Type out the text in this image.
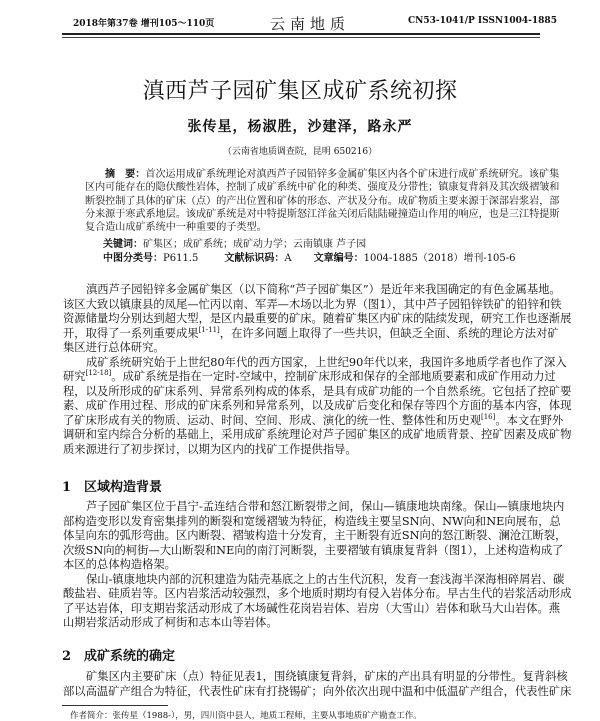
2018年第37卷 增刊105～110页	云南地质	CN53-1041/P ISSN1004-1885
滇西芦子园矿集区成矿系统初探
张传星，杨淑胜，沙建泽，路永严
（云南省地质调查院，昆明 650216）
摘　要：首次运用成矿系统理论对滇西芦子园铅锌多金属矿集区内各个矿床进行成矿系统研究。该矿集
区内可能存在的隐伏酸性岩体，控制了成矿系统中矿化的种类、强度及分带性；镇康复背斜及其次级褶皱和
断裂控制了具体的矿床（点）的产出位置和矿体的形态、产状及分布。成矿物质主要来源于深部岩浆岩，部
分来源于寒武系地层。该成矿系统是对中特提斯怒江洋盆关闭后陆陆碰撞造山作用的响应，也是三江特提斯
复合造山成矿系统中一种重要的子类型。
关键词：矿集区；成矿系统；成矿动力学；云南镇康 芦子园
中图分类号：P611.5	文献标识码：A 文章编号：1004-1885（2018）增刊-105-6
滇西芦子园铅锌多金属矿集区（以下简称“芦子园矿集区”）是近年来我国确定的有色金属基地。
该区大致以镇康县的凤尾—忙丙以南、军弄—木场以北为界（图1），其中芦子园铅锌铁矿的铅锌和铁
资源储量均分别达到超大型，是区内最重要的矿床。随着矿集区内矿床的陆续发现，研究工作也逐渐展
开，取得了一系列重要成果[1-11]，在许多问题上取得了一些共识，但缺乏全面、系统的理论方法对矿
集区进行总体研究。
成矿系统研究始于上世纪80年代的西方国家，上世纪90年代以来，我国许多地质学者也作了深入
研究[12-18]。成矿系统是指在一定时-空域中，控制矿床形成和保存的全部地质要素和成矿作用动力过
程，以及所形成的矿床系列、异常系列构成的体系，是具有成矿功能的一个自然系统。它包括了控矿要
素、成矿作用过程、形成的矿床系列和异常系列，以及成矿后变化和保存等四个方面的基本内容，体现
了矿床形成有关的物质、运动、时间、空间、形成、演化的统一性、整体性和历史观[16]。本文在野外
调研和室内综合分析的基础上，采用成矿系统理论对芦子园矿集区的成矿地质背景、控矿因素及成矿物
质来源进行了初步探讨，以期为区内的找矿工作提供指导。
1 区域构造背景
芦子园矿集区位于昌宁-孟连结合带和怒江断裂带之间，保山—镇康地块南缘。保山—镇康地块内
部构造变形以发育密集排列的断裂和宽缓褶皱为特征，构造线主要呈SN向、NW向和NE向展布，总
体呈向东的弧形弯曲。区内断裂、褶皱构造十分发育，主干断裂有近SN向的怒江断裂、澜沧江断裂，
次级SN向的柯街—大山断裂和NE向的南汀河断裂，主要褶皱有镇康复背斜（图1），上述构造构成了
本区的总体构造格架。
保山-镇康地块内部的沉积建造为陆壳基底之上的古生代沉积，发育一套浅海半深海相碎屑岩、碳
酸盐岩、硅质岩等。区内岩浆活动较强烈，多个地质时期均有侵入岩体分布。早古生代的岩浆活动形成
了平达岩体，印支期岩浆活动形成了木场碱性花岗岩岩体、岩房（大雪山）岩体和耿马大山岩体。燕
山期岩浆活动形成了柯街和志本山等岩体。
2 成矿系统的确定
矿集区内主要矿床（点）特征见表1，围绕镇康复背斜，矿床的产出具有明显的分带性。复背斜核
部以高温矿产组合为特征，代表性矿床有打挠锡矿；向外依次出现中温和中低温矿产组合，代表性矿床
作者简介：张传星（1988-），男，四川资中县人，地质工程师，主要从事地质矿产勘查工作。
